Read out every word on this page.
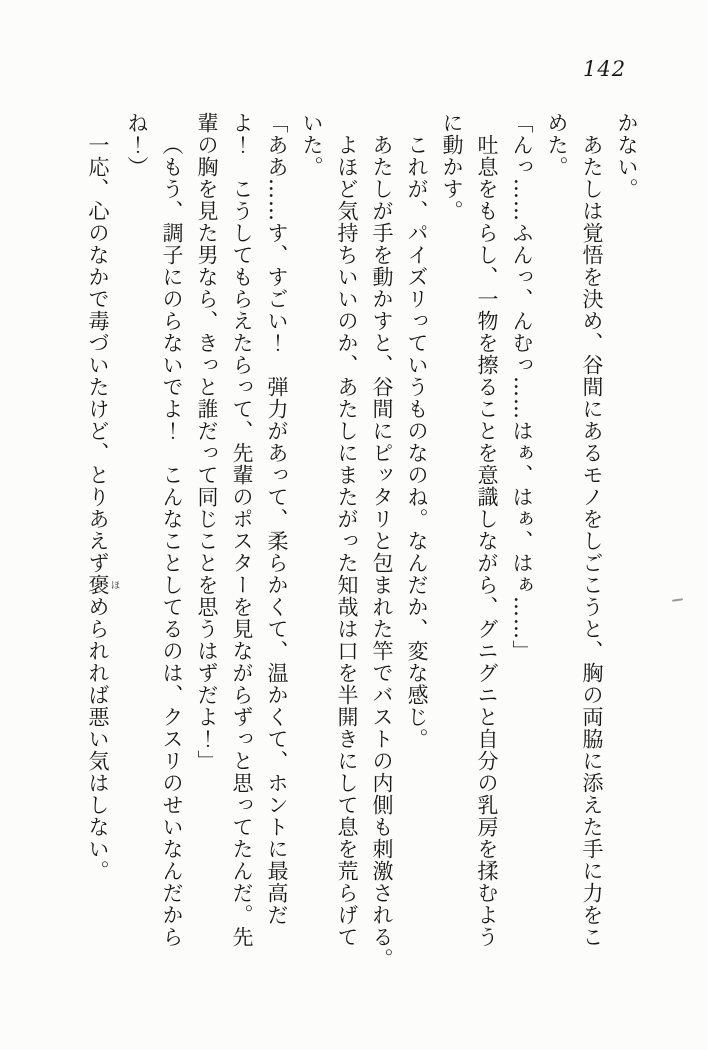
142

かない。

あたしは覚悟を決め、谷間にあるモノをしごこうと、胸の両脇に添えた手に力をこ

めた。

「んっ……ふんっ、んむっ……はぁ、はぁ、はぁ……」

吐息をもらし、一物を擦ることを意識しながら、グニグニと自分の乳房を揉むよう

に動かす。

これが、パイズリっていうものなのね。なんだか、変な感じ。

あたしが手を動かすと、谷間にピッタリと包まれた竿でバストの内側も刺激される。

よほど気持ちいいのか、あたしにまたがった知哉は口を半開きにして息を荒らげて

いた。

「ああ……す、すごい！　弾力があって、柔らかくて、温かくて、ホントに最高だ

よ！　こうしてもらえたらって、先輩のポスターを見ながらずっと思ってたんだ。先

輩の胸を見た男なら、きっと誰だって同じことを思うはずだよ！」

（もう、調子にのらないでよ！　こんなことしてるのは、クスリのせいなんだから

ね！）

一応、心のなかで毒づいたけど、とりあえず褒ほめられれば悪い気はしない。
